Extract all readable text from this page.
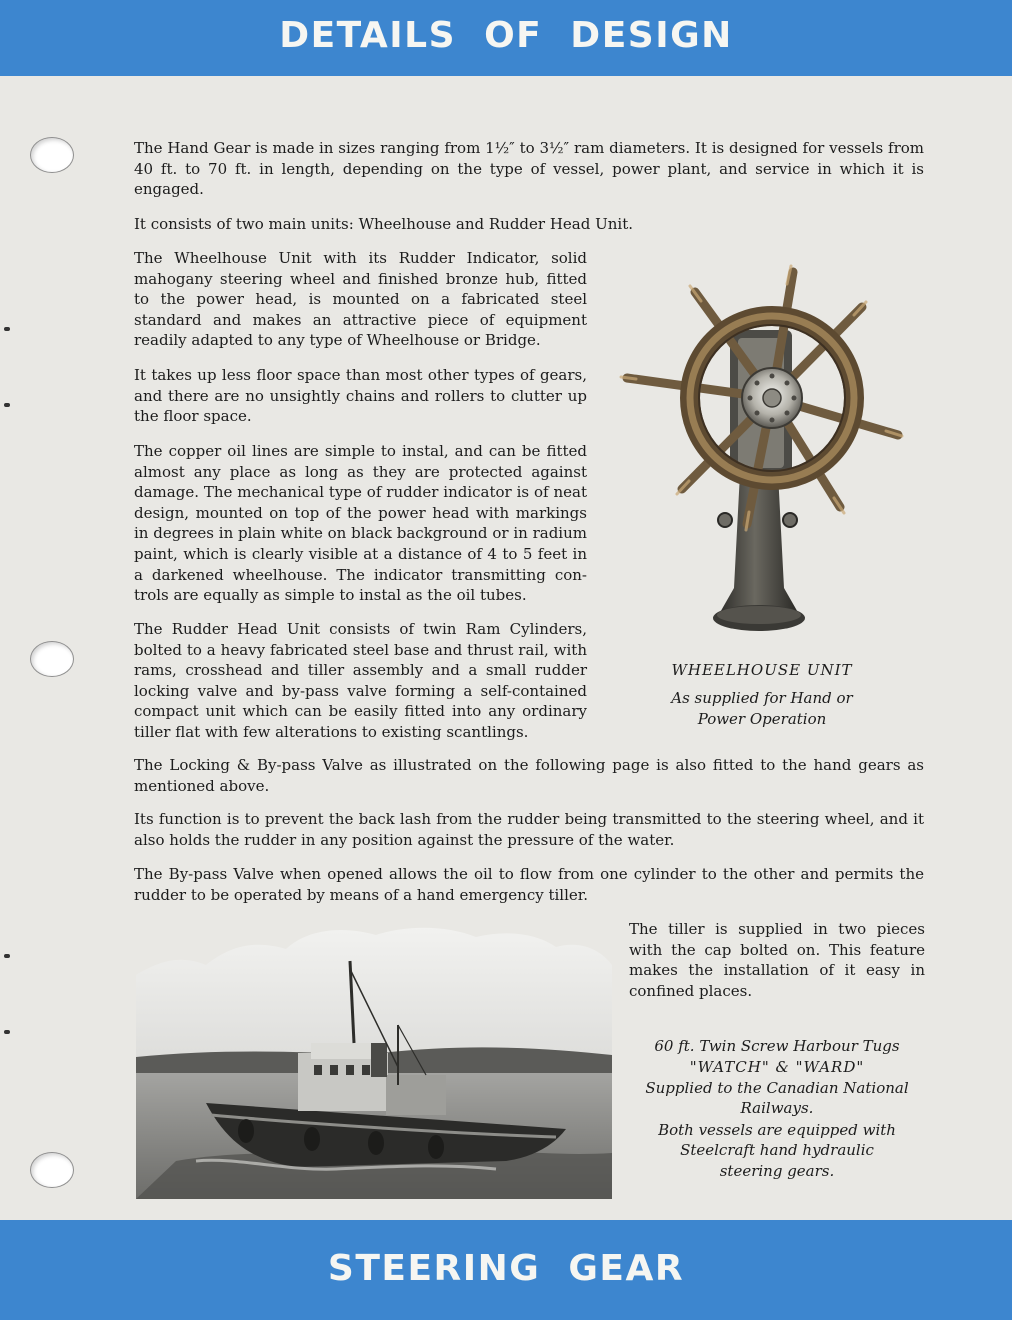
DETAILS OF DESIGN

The Hand Gear is made in sizes ranging from 1½″ to 3½″ ram diameters. It is designed for vessels from 40 ft. to 70 ft. in length, depending on the type of vessel, power plant, and service in which it is engaged.

It consists of two main units: Wheelhouse and Rudder Head Unit.

The Wheelhouse Unit with its Rudder Indicator, solid mahogany steering wheel and finished bronze hub, fitted to the power head, is mounted on a fabricated steel standard and makes an attractive piece of equipment readily adapted to any type of Wheelhouse or Bridge.

It takes up less floor space than most other types of gears, and there are no unsightly chains and rollers to clutter up the floor space.

The copper oil lines are simple to instal, and can be fitted almost any place as long as they are protected against damage. The mechanical type of rudder indicator is of neat design, mounted on top of the power head with markings in degrees in plain white on black background or in radium paint, which is clearly visible at a distance of 4 to 5 feet in a darkened wheelhouse. The indicator transmitting controls are equally as simple to instal as the oil tubes.

The Rudder Head Unit consists of twin Ram Cylinders, bolted to a heavy fabricated steel base and thrust rail, with rams, crosshead and tiller assembly and a small rudder locking valve and by-pass valve forming a self-contained compact unit which can be easily fitted into any ordinary tiller flat with few alterations to existing scantlings.

The Locking & By-pass Valve as illustrated on the following page is also fitted to the hand gears as mentioned above.

Its function is to prevent the back lash from the rudder being transmitted to the steering wheel, and it also holds the rudder in any position against the pressure of the water.

The By-pass Valve when opened allows the oil to flow from one cylinder to the other and permits the rudder to be operated by means of a hand emergency tiller.

The tiller is supplied in two pieces with the cap bolted on. This feature makes the installation of it easy in confined places.

WHEELHOUSE UNIT

As supplied for Hand or

Power Operation

60 ft. Twin Screw Harbour Tugs

"WATCH" & "WARD"

Supplied to the Canadian National

Railways.

Both vessels are equipped with

Steelcraft hand hydraulic

steering gears.

STEERING GEAR
